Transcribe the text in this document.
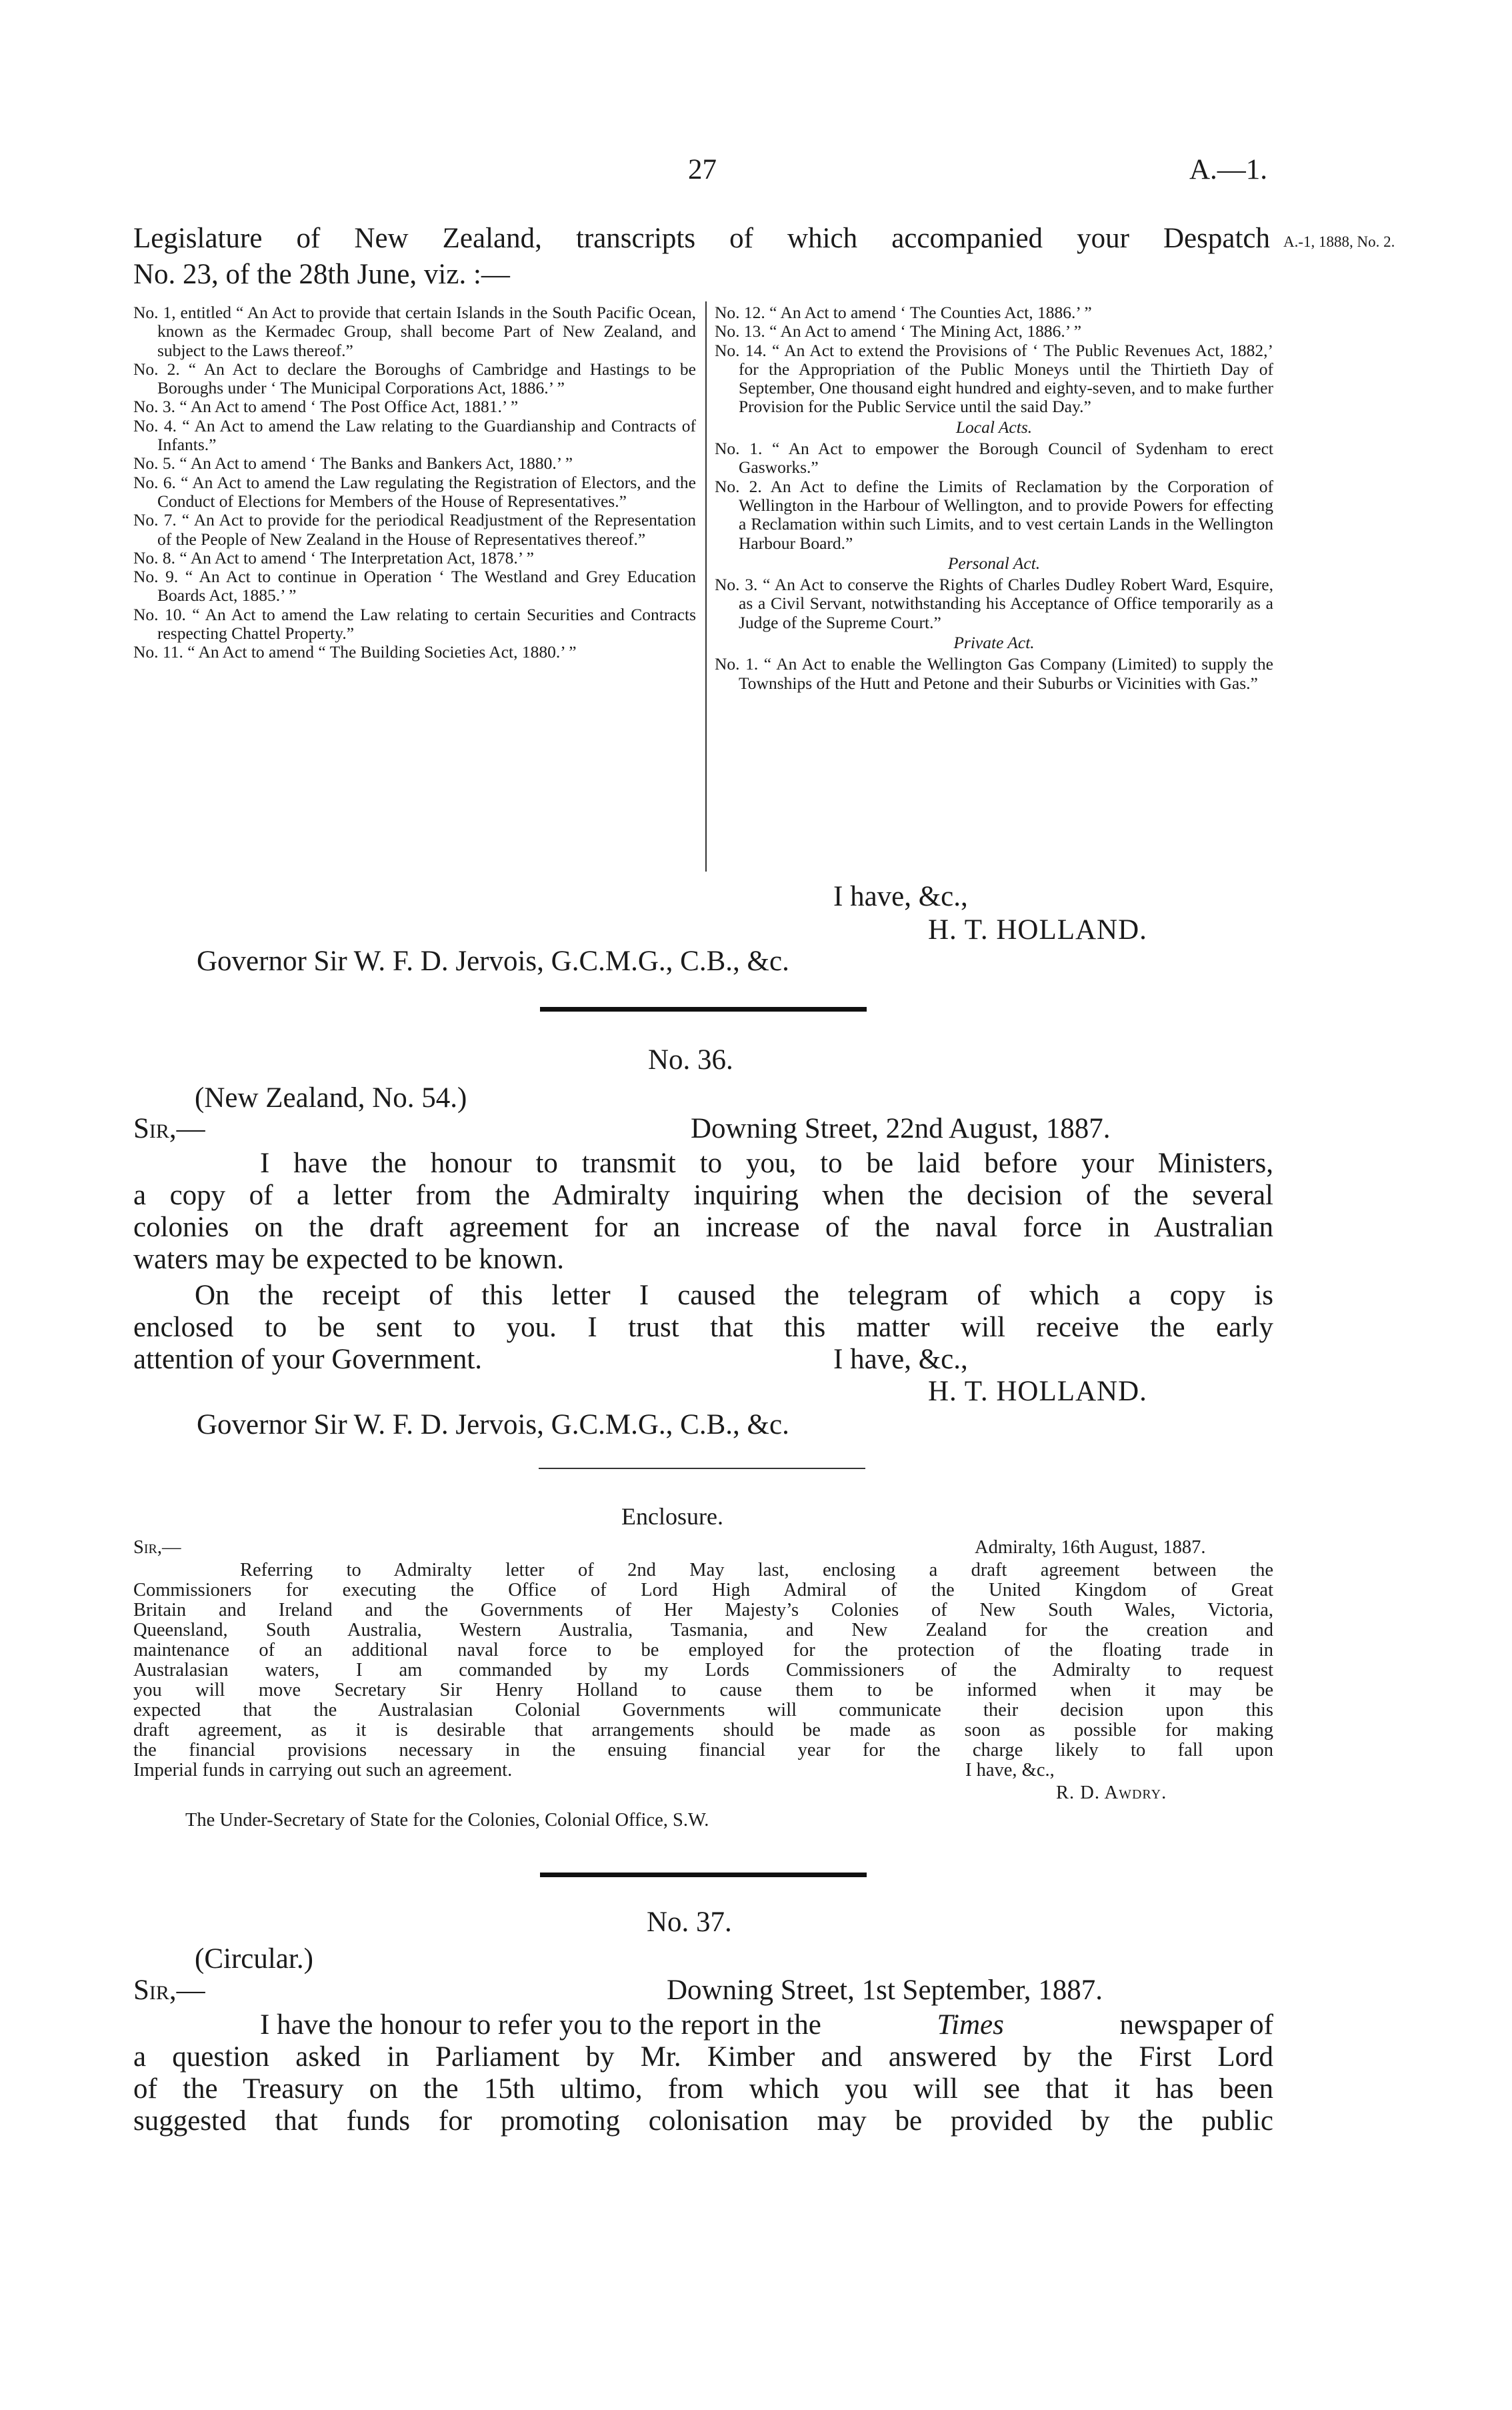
27	A.—1.
Legislature of New Zealand, transcripts of which accompanied your Despatch A.-1, 1888, No. 2.
No. 23, of the 28th June, viz. :—

No. 1, entitled “ An Act to provide that certain Islands in the South Pacific Ocean, known as the Kermadec Group, shall become Part of New Zealand, and subject to the Laws thereof.”

No. 2. “ An Act to declare the Boroughs of Cambridge and Hastings to be Boroughs under ‘ The Municipal Corporations Act, 1886.’ ”

No. 3. “ An Act to amend ‘ The Post Office Act, 1881.’ ”

No. 4. “ An Act to amend the Law relating to the Guardianship and Contracts of Infants.”

No. 5. “ An Act to amend ‘ The Banks and Bankers Act, 1880.’ ”

No. 6. “ An Act to amend the Law regulating the Registration of Electors, and the Conduct of Elections for Members of the House of Representatives.”

No. 7. “ An Act to provide for the periodical Readjustment of the Representation of the People of New Zealand in the House of Representatives thereof.”

No. 8. “ An Act to amend ‘ The Interpretation Act, 1878.’ ”

No. 9. “ An Act to continue in Operation ‘ The Westland and Grey Education Boards Act, 1885.’ ”

No. 10. “ An Act to amend the Law relating to certain Securities and Contracts respecting Chattel Property.”

No. 11. “ An Act to amend “ The Building Societies Act, 1880.’ ”

No. 12. “ An Act to amend ‘ The Counties Act, 1886.’ ”

No. 13. “ An Act to amend ‘ The Mining Act, 1886.’ ”

No. 14. “ An Act to extend the Provisions of ‘ The Public Revenues Act, 1882,’ for the Appropriation of the Public Moneys until the Thirtieth Day of September, One thousand eight hundred and eighty-seven, and to make further Provision for the Public Service until the said Day.”

Local Acts.

No. 1. “ An Act to empower the Borough Council of Sydenham to erect Gasworks.”

No. 2. An Act to define the Limits of Reclamation by the Corporation of Wellington in the Harbour of Wellington, and to provide Powers for effecting a Reclamation within such Limits, and to vest certain Lands in the Wellington Harbour Board.”

Personal Act.

No. 3. “ An Act to conserve the Rights of Charles Dudley Robert Ward, Esquire, as a Civil Servant, notwithstanding his Acceptance of Office temporarily as a Judge of the Supreme Court.”

Private Act.

No. 1. “ An Act to enable the Wellington Gas Company (Limited) to supply the Townships of the Hutt and Petone and their Suburbs or Vicinities with Gas.”

I have, &c.,
H. T. HOLLAND.
Governor Sir W. F. D. Jervois, G.C.M.G., C.B., &c.
No. 36.
(New Zealand, No. 54.)
Sir,—	Downing Street, 22nd August, 1887.
I have the honour to transmit to you, to be laid before your Ministers,
a copy of a letter from the Admiralty inquiring when the decision of the several
colonies on the draft agreement for an increase of the naval force in Australian
waters may be expected to be known.
On the receipt of this letter I caused the telegram of which a copy is
enclosed to be sent to you. I trust that this matter will receive the early
attention of your Government.	I have, &c.,
H. T. HOLLAND.
Governor Sir W. F. D. Jervois, G.C.M.G., C.B., &c.
Enclosure.
Sir,—	Admiralty, 16th August, 1887.
Referring to Admiralty letter of 2nd May last, enclosing a draft agreement between the
Commissioners for executing the Office of Lord High Admiral of the United Kingdom of Great
Britain and Ireland and the Governments of Her Majesty’s Colonies of New South Wales, Victoria,
Queensland, South Australia, Western Australia, Tasmania, and New Zealand for the creation and
maintenance of an additional naval force to be employed for the protection of the floating trade in
Australasian waters, I am commanded by my Lords Commissioners of the Admiralty to request
you will move Secretary Sir Henry Holland to cause them to be informed when it may be
expected that the Australasian Colonial Governments will communicate their decision upon this
draft agreement, as it is desirable that arrangements should be made as soon as possible for making
the financial provisions necessary in the ensuing financial year for the charge likely to fall upon
Imperial funds in carrying out such an agreement.	I have, &c.,
R. D. Awdry.
The Under-Secretary of State for the Colonies, Colonial Office, S.W.
No. 37.
(Circular.)
Sir,—	Downing Street, 1st September, 1887.
I have the honour to refer you to the report in the	Times	newspaper of
a question asked in Parliament by Mr. Kimber and answered by the First Lord
of the Treasury on the 15th ultimo, from which you will see that it has been
suggested that funds for promoting colonisation may be provided by the public
